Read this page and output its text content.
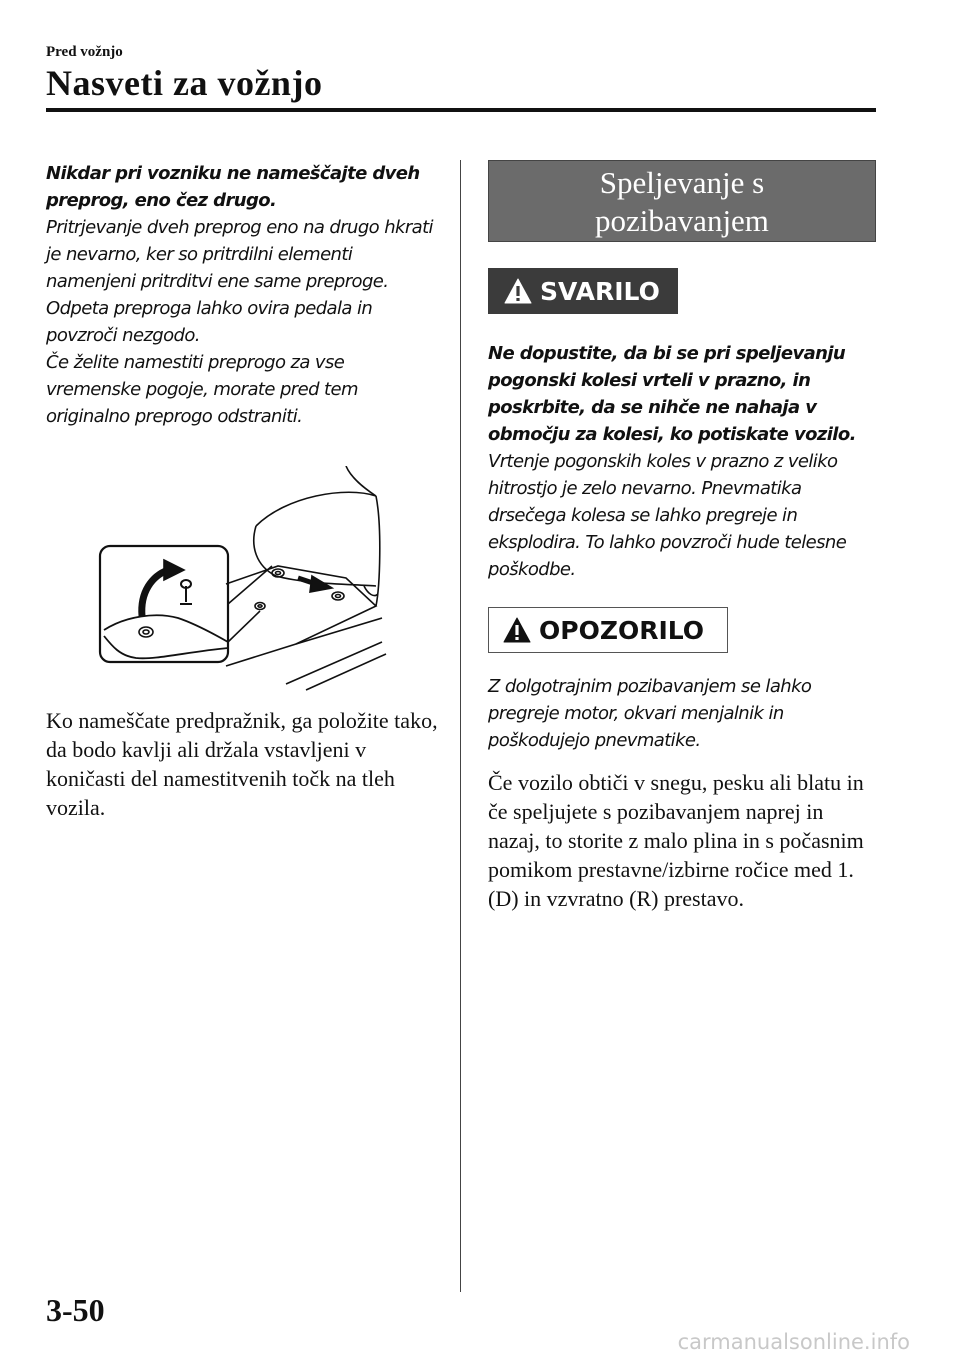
Pred vožnjo
Nasveti za vožnjo
Nikdar pri vozniku ne nameščajte dveh preprog, eno čez drugo.
Pritrjevanje dveh preprog eno na drugo hkrati je nevarno, ker so pritrdilni elementi namenjeni pritrditvi ene same preproge. Odpeta preproga lahko ovira pedala in povzroči nezgodo.
Če želite namestiti preprogo za vse vremenske pogoje, morate pred tem originalno preprogo odstraniti.
Ko nameščate predpražnik, ga položite tako, da bodo kavlji ali držala vstavljeni v koničasti del namestitvenih točk na tleh vozila.
Speljevanje s
pozibavanjem
SVARILO
Ne dopustite, da bi se pri speljevanju pogonski kolesi vrteli v prazno, in poskrbite, da se nihče ne nahaja v območju za kolesi, ko potiskate vozilo.
Vrtenje pogonskih koles v prazno z veliko hitrostjo je zelo nevarno. Pnevmatika drsečega kolesa se lahko pregreje in eksplodira. To lahko povzroči hude telesne poškodbe.
OPOZORILO
Z dolgotrajnim pozibavanjem se lahko pregreje motor, okvari menjalnik in poškodujejo pnevmatike.
Če vozilo obtiči v snegu, pesku ali blatu in če speljujete s pozibavanjem naprej in nazaj, to storite z malo plina in s počasnim pomikom prestavne/izbirne ročice med 1. (D) in vzvratno (R) prestavo.
3-50
carmanualsonline.info
